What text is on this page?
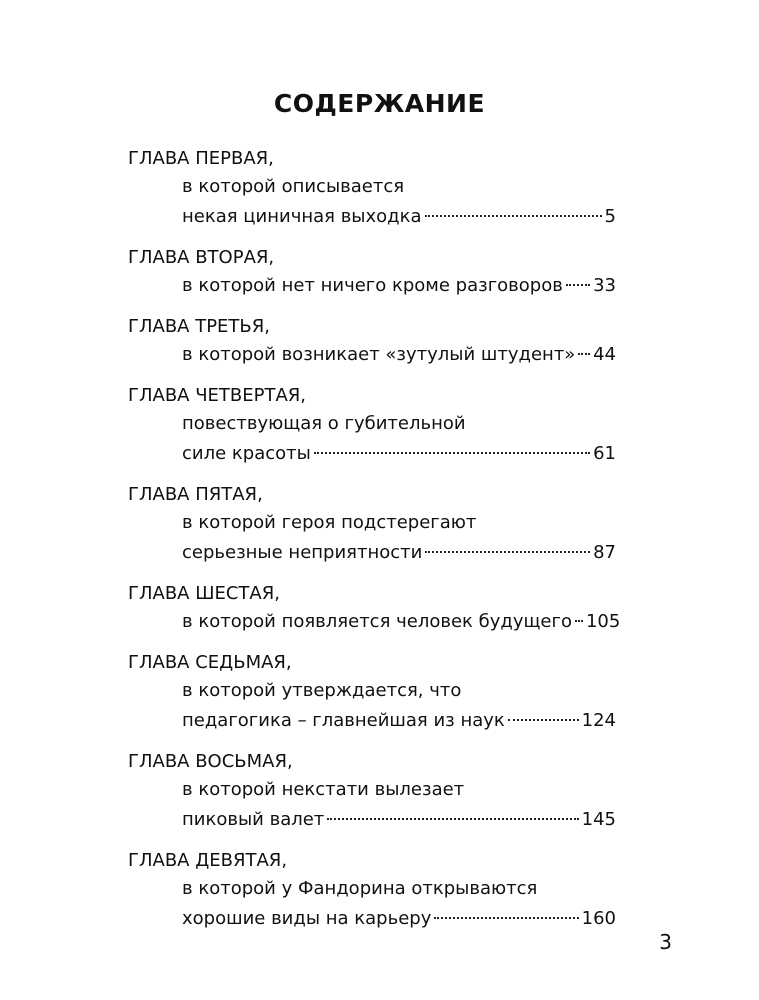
СОДЕРЖАНИЕ
ГЛАВА ПЕРВАЯ,
в которой описывается
некая циничная выходка	5
ГЛАВА ВТОРАЯ,
в которой нет ничего кроме разговоров 33
ГЛАВА ТРЕТЬЯ,
в которой возникает «зутулый штудент» 44
ГЛАВА ЧЕТВЕРТАЯ,
повествующая о губительной
силе красоты	61
ГЛАВА ПЯТАЯ,
в которой героя подстерегают
серьезные неприятности	87
ГЛАВА ШЕСТАЯ,
в которой появляется человек будущего 105
ГЛАВА СЕДЬМАЯ,
в которой утверждается, что
педагогика – главнейшая из наук	124
ГЛАВА ВОСЬМАЯ,
в которой некстати вылезает
пиковый валет	145
ГЛАВА ДЕВЯТАЯ,
в которой у Фандорина открываются
хорошие виды на карьеру	160
3
